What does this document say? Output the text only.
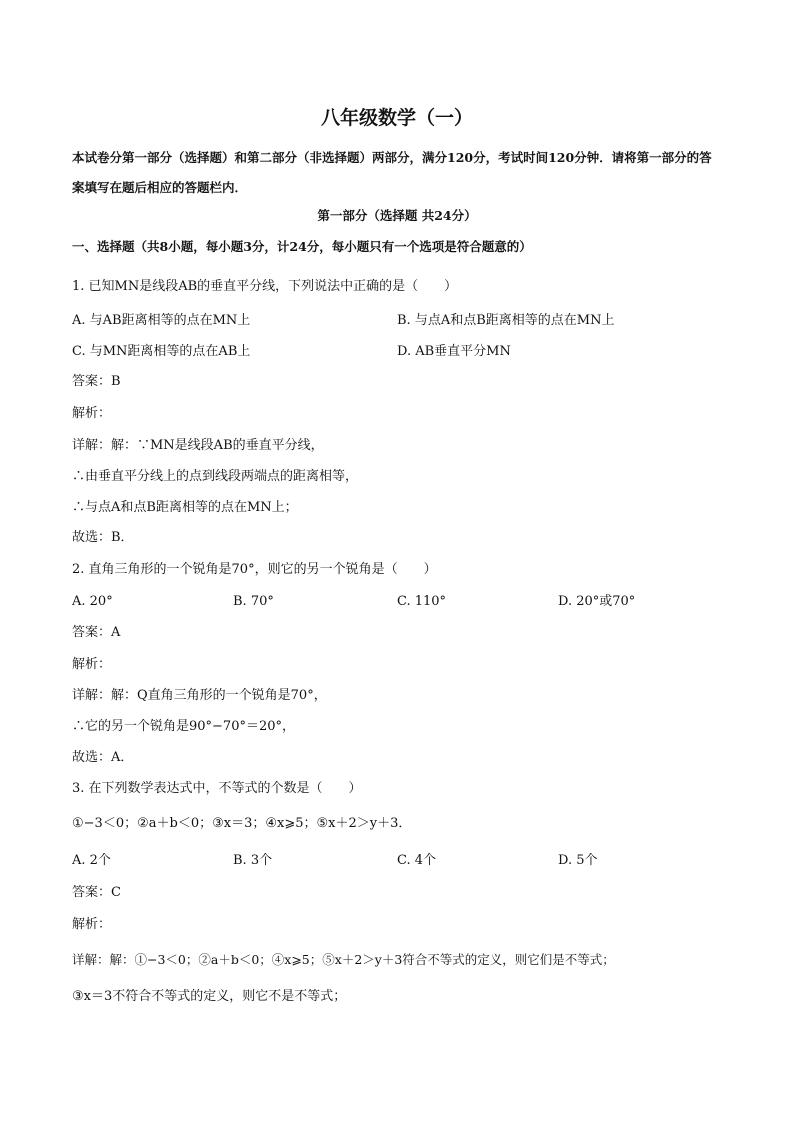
八年级数学（一）
本试卷分第一部分（选择题）和第二部分（非选择题）两部分，满分120分，考试时间120分钟．请将第一部分的答案填写在题后相应的答题栏内．
第一部分（选择题 共24分）
一、选择题（共8小题，每小题3分，计24分，每小题只有一个选项是符合题意的）
1. 已知MN是线段AB的垂直平分线，下列说法中正确的是（　　）
A. 与AB距离相等的点在MN上	B. 与点A和点B距离相等的点在MN上
C. 与MN距离相等的点在AB上	D. AB垂直平分MN
答案：B
解析：
详解：解：∵MN是线段AB的垂直平分线，
∴由垂直平分线上的点到线段两端点的距离相等，
∴与点A和点B距离相等的点在MN上；
故选：B．
2. 直角三角形的一个锐角是70°，则它的另一个锐角是（　　）
A. 20°	B. 70°	C. 110°	D. 20°或70°
答案：A
解析：
详解：解：Q直角三角形的一个锐角是70°，
∴它的另一个锐角是90°−70°＝20°，
故选：A．
3. 在下列数学表达式中，不等式的个数是（　　）
①−3＜0；②a＋b＜0；③x＝3；④x⩾5；⑤x＋2＞y＋3．
A. 2个	B. 3个	C. 4个	D. 5个
答案：C
解析：
详解：解：①−3＜0；②a＋b＜0；④x⩾5；⑤x＋2＞y＋3符合不等式的定义，则它们是不等式；
③x＝3不符合不等式的定义，则它不是不等式；
